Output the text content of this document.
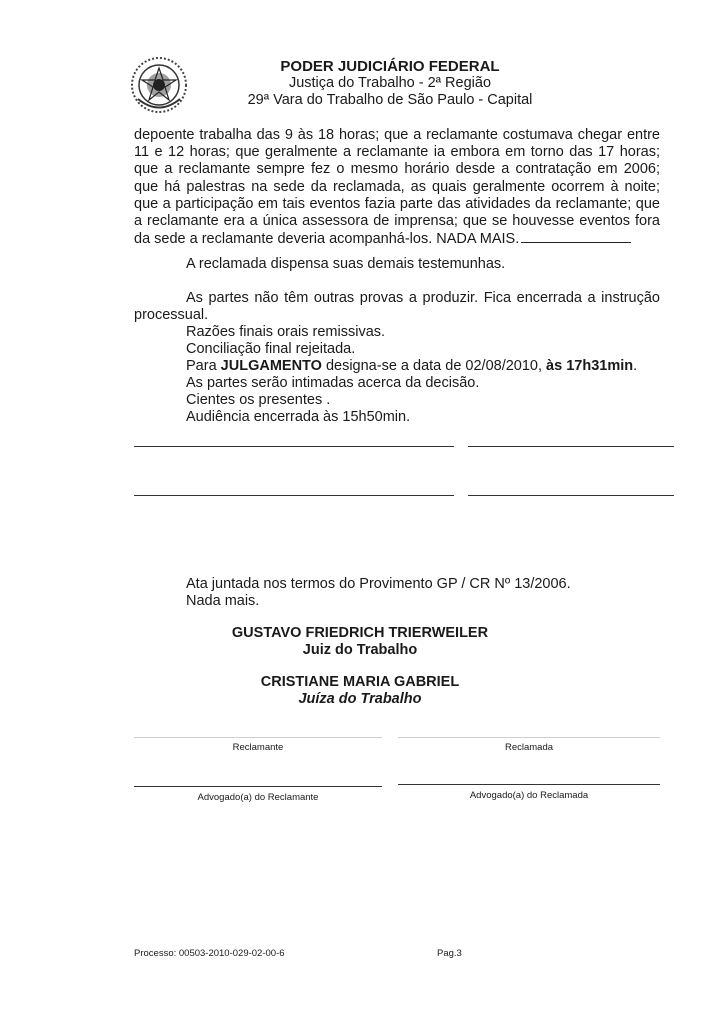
PODER JUDICIÁRIO FEDERAL
Justiça do Trabalho - 2ª Região
29ª Vara do Trabalho de São Paulo - Capital
depoente trabalha das 9 às 18 horas; que a reclamante costumava chegar entre 11 e 12 horas; que geralmente a reclamante ia embora em torno das 17 horas; que a reclamante sempre fez o mesmo horário desde a contratação em 2006; que há palestras na sede da reclamada, as quais geralmente ocorrem à noite; que a participação em tais eventos fazia parte das atividades da reclamante; que a reclamante era a única assessora de imprensa; que se houvesse eventos fora da sede a reclamante deveria acompanhá-los. NADA MAIS.
A reclamada dispensa suas demais testemunhas.
As partes não têm outras provas a produzir. Fica encerrada a instrução
processual.
Razões finais orais remissivas.
Conciliação final rejeitada.
Para JULGAMENTO designa-se a data de 02/08/2010, às 17h31min.
As partes serão intimadas acerca da decisão.
Cientes os presentes .
Audiência encerrada às 15h50min.
Ata juntada nos termos do Provimento GP / CR Nº 13/2006.
Nada mais.
GUSTAVO FRIEDRICH TRIERWEILER
Juiz do Trabalho
CRISTIANE MARIA GABRIEL
Juíza do Trabalho
Reclamante	Reclamada
Advogado(a) do Reclamante	Advogado(a) do Reclamada
Processo: 00503-2010-029-02-00-6	Pag.3
